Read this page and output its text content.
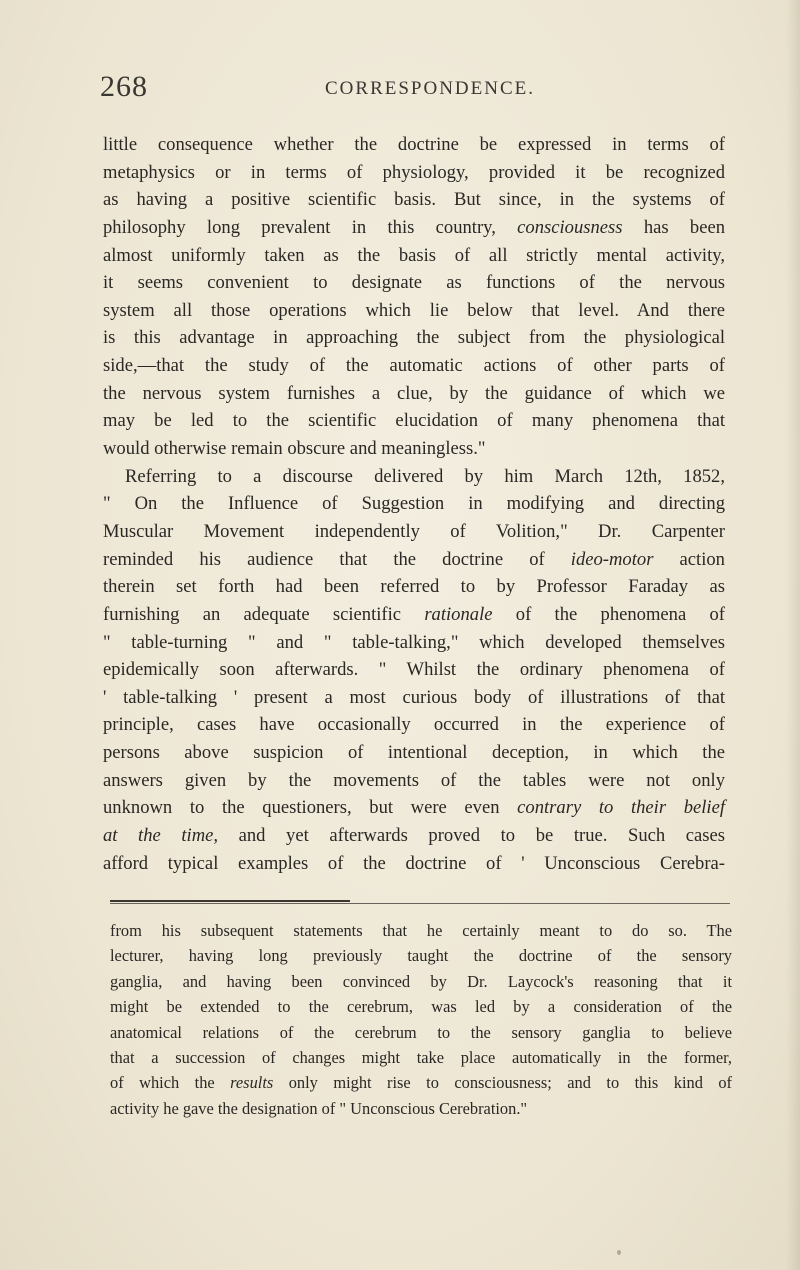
268	CORRESPONDENCE.
little consequence whether the doctrine be expressed in terms of
metaphysics or in terms of physiology, provided it be recognized
as having a positive scientific basis. But since, in the systems of
philosophy long prevalent in this country, consciousness has been
almost uniformly taken as the basis of all strictly mental activity,
it seems convenient to designate as functions of the nervous
system all those operations which lie below that level. And there
is this advantage in approaching the subject from the physiological
side,—that the study of the automatic actions of other parts of
the nervous system furnishes a clue, by the guidance of which we
may be led to the scientific elucidation of many phenomena that
would otherwise remain obscure and meaningless."
Referring to a discourse delivered by him March 12th, 1852,
" On the Influence of Suggestion in modifying and directing
Muscular Movement independently of Volition," Dr. Carpenter
reminded his audience that the doctrine of ideo-motor action
therein set forth had been referred to by Professor Faraday as
furnishing an adequate scientific rationale of the phenomena of
" table-turning " and " table-talking," which developed themselves
epidemically soon afterwards. " Whilst the ordinary phenomena of
' table-talking ' present a most curious body of illustrations of that
principle, cases have occasionally occurred in the experience of
persons above suspicion of intentional deception, in which the
answers given by the movements of the tables were not only
unknown to the questioners, but were even contrary to their belief
at the time, and yet afterwards proved to be true. Such cases
afford typical examples of the doctrine of ' Unconscious Cerebra-
from his subsequent statements that he certainly meant to do so. The
lecturer, having long previously taught the doctrine of the sensory
ganglia, and having been convinced by Dr. Laycock's reasoning that it
might be extended to the cerebrum, was led by a consideration of the
anatomical relations of the cerebrum to the sensory ganglia to believe
that a succession of changes might take place automatically in the former,
of which the results only might rise to consciousness; and to this kind of
activity he gave the designation of " Unconscious Cerebration."
